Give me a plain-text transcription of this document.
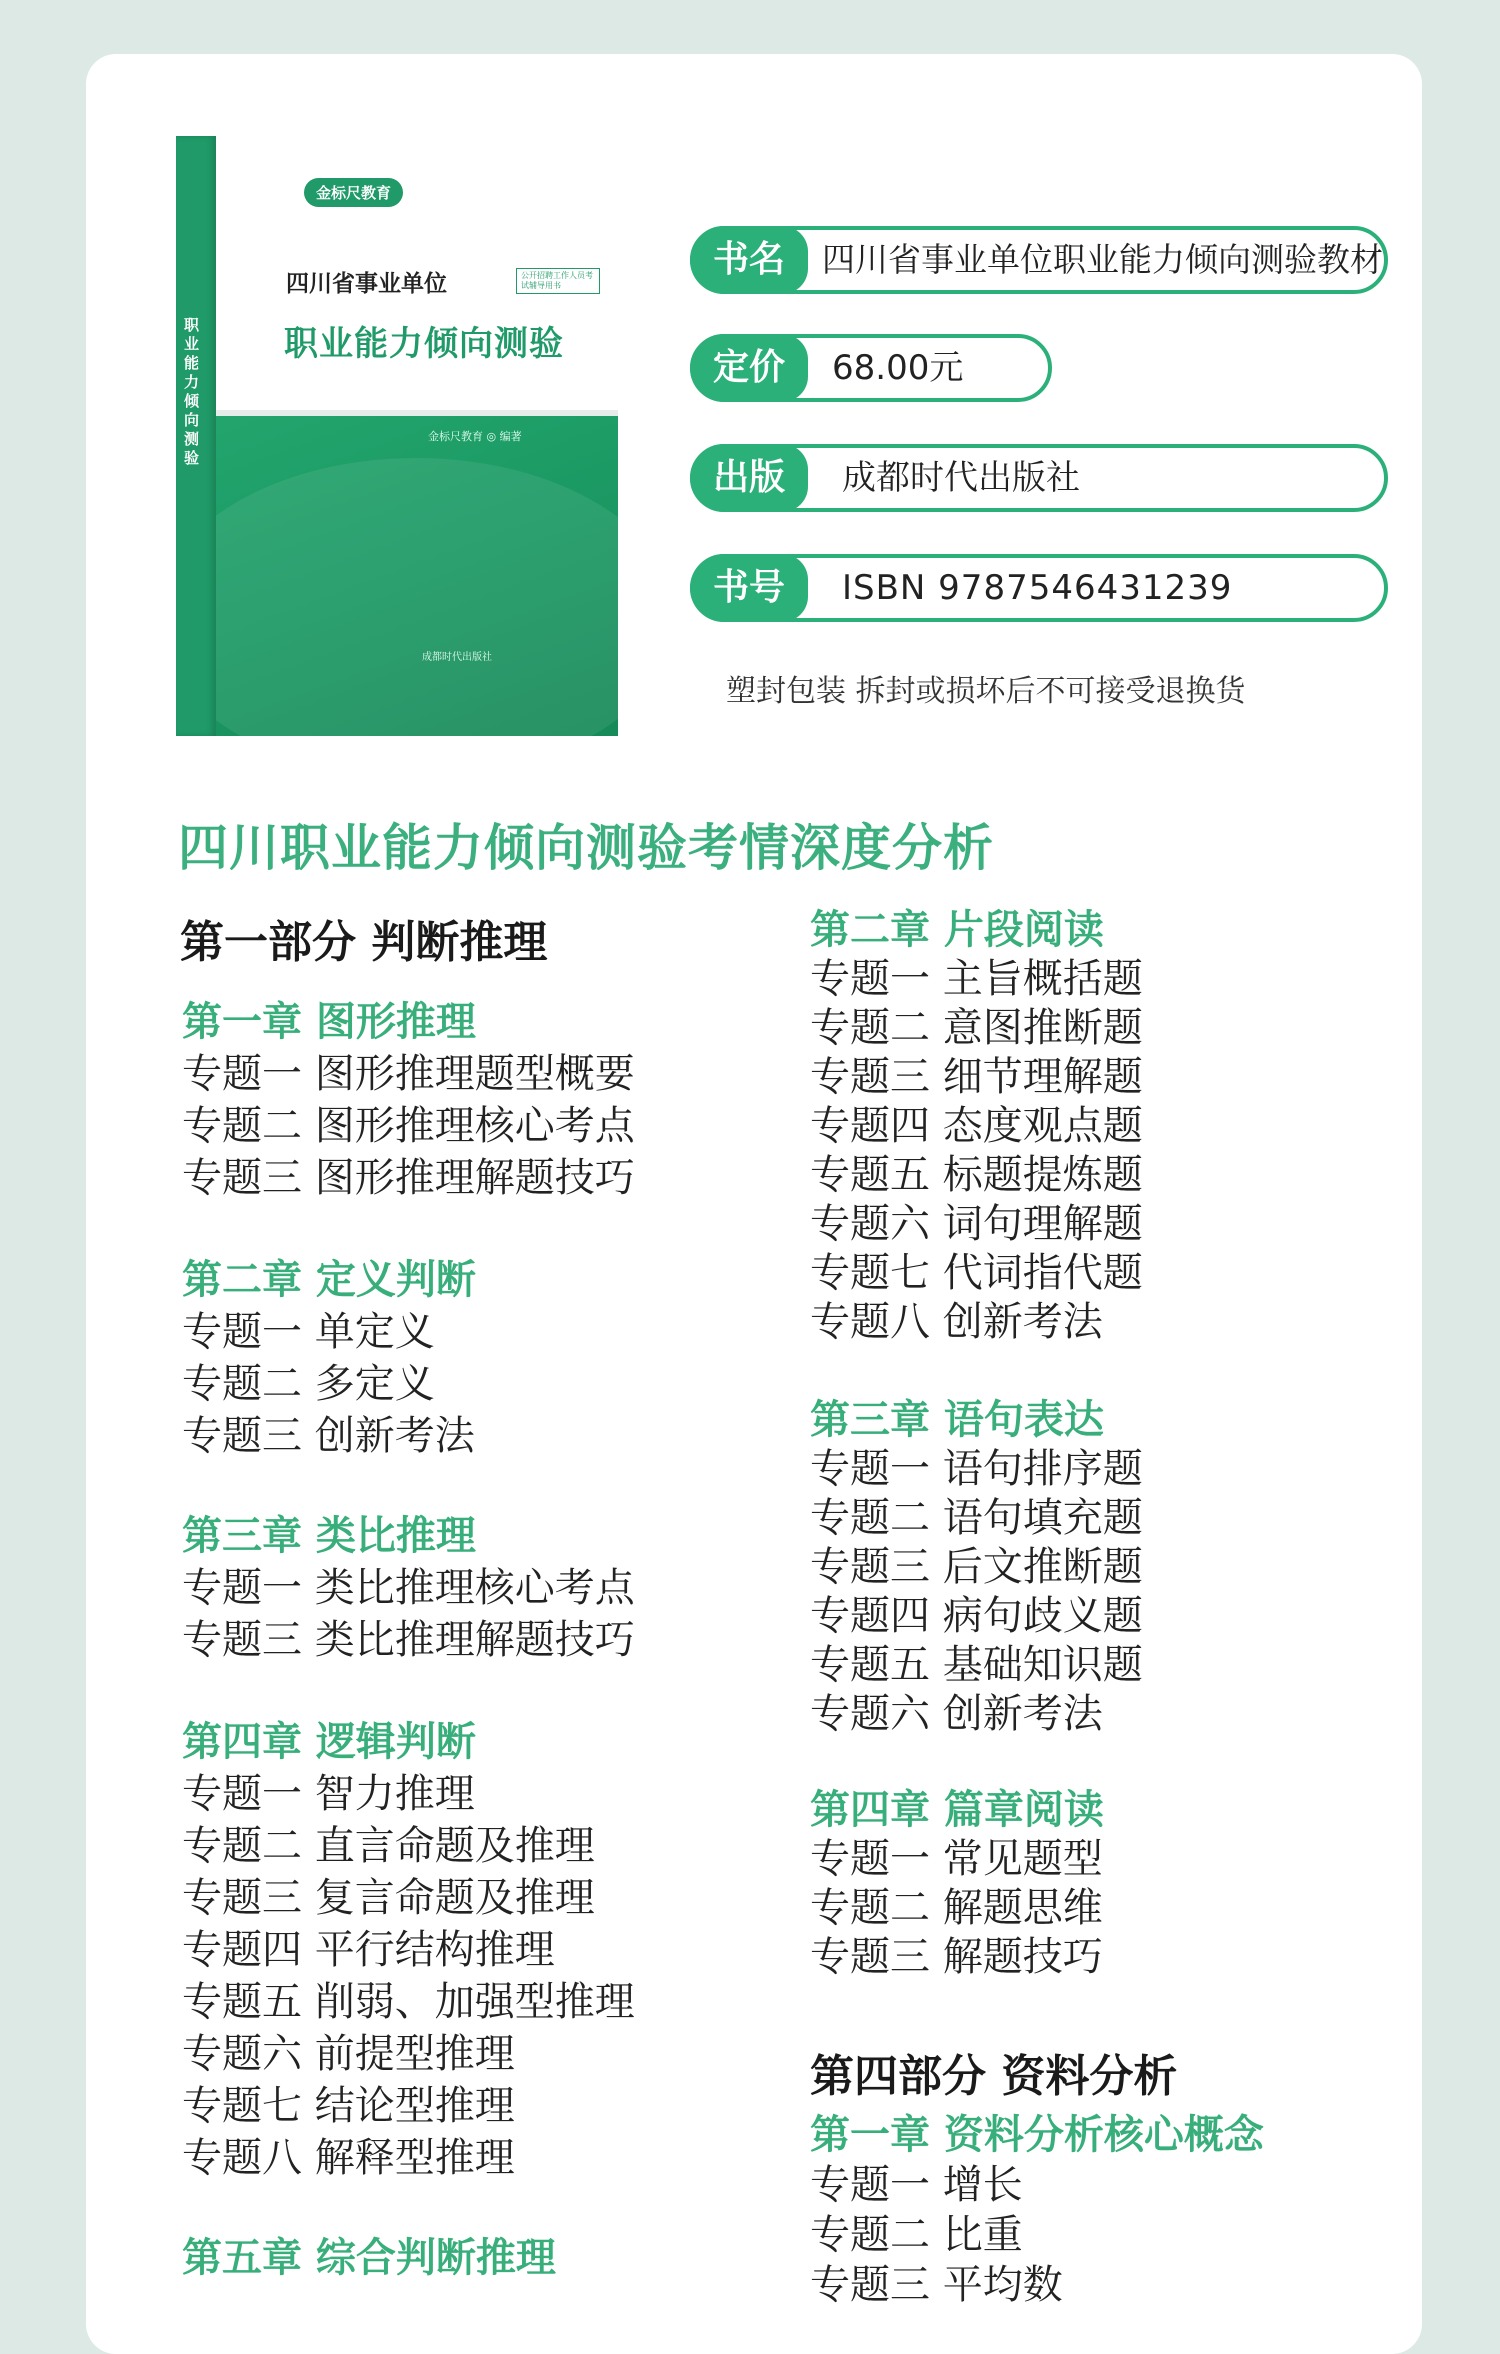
职业能力倾向测验
金标尺教育
四川省事业单位	公开招聘工作人员考试辅导用书
职业能力倾向测验
金标尺教育 ◎ 编著
成都时代出版社
书名	四川省事业单位职业能力倾向测验教材
定价	68.00元
出版	成都时代出版社
书号	ISBN 9787546431239
塑封包装 拆封或损坏后不可接受退换货
四川职业能力倾向测验考情深度分析
第一部分 判断推理
第一章 图形推理
专题一 图形推理题型概要
专题二 图形推理核心考点
专题三 图形推理解题技巧
第二章 定义判断
专题一 单定义
专题二 多定义
专题三 创新考法
第三章 类比推理
专题一 类比推理核心考点
专题三 类比推理解题技巧
第四章 逻辑判断
专题一 智力推理
专题二 直言命题及推理
专题三 复言命题及推理
专题四 平行结构推理
专题五 削弱、加强型推理
专题六 前提型推理
专题七 结论型推理
专题八 解释型推理
第五章 综合判断推理
第二章 片段阅读
专题一 主旨概括题
专题二 意图推断题
专题三 细节理解题
专题四 态度观点题
专题五 标题提炼题
专题六 词句理解题
专题七 代词指代题
专题八 创新考法
第三章 语句表达
专题一 语句排序题
专题二 语句填充题
专题三 后文推断题
专题四 病句歧义题
专题五 基础知识题
专题六 创新考法
第四章 篇章阅读
专题一 常见题型
专题二 解题思维
专题三 解题技巧
第四部分 资料分析
第一章 资料分析核心概念
专题一 增长
专题二 比重
专题三 平均数
